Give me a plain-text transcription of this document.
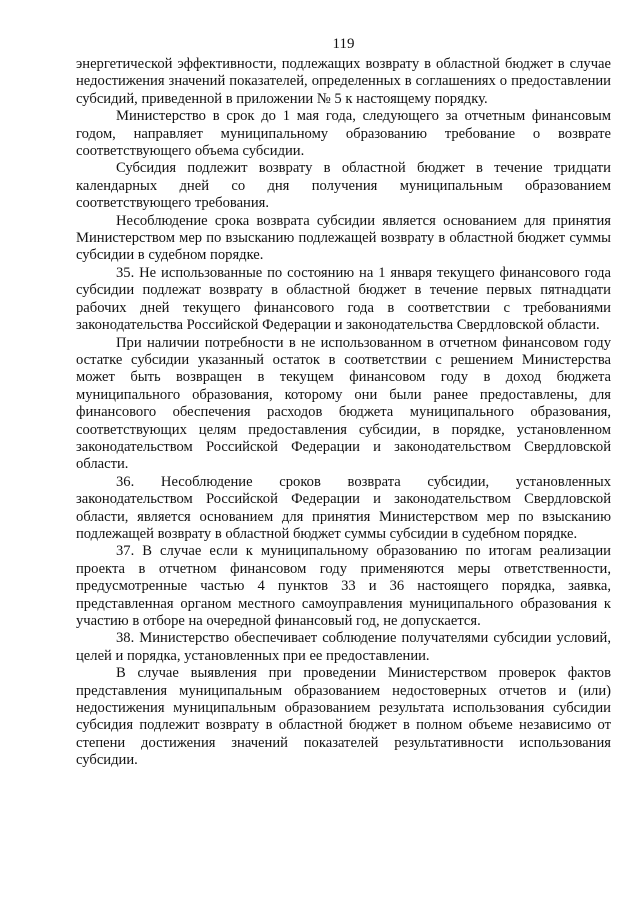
119

энергетической эффективности, подлежащих возврату в областной бюджет в случае недостижения значений показателей, определенных в соглашениях о предоставлении субсидий, приведенной в приложении № 5 к настоящему порядку.

Министерство в срок до 1 мая года, следующего за отчетным финансовым годом, направляет муниципальному образованию требование о возврате соответствующего объема субсидии.

Субсидия подлежит возврату в областной бюджет в течение тридцати календарных дней со дня получения муниципальным образованием соответствующего требования.

Несоблюдение срока возврата субсидии является основанием для принятия Министерством мер по взысканию подлежащей возврату в областной бюджет суммы субсидии в судебном порядке.

35. Не использованные по состоянию на 1 января текущего финансового года субсидии подлежат возврату в областной бюджет в течение первых пятнадцати рабочих дней текущего финансового года в соответствии с требованиями законодательства Российской Федерации и законодательства Свердловской области.

При наличии потребности в не использованном в отчетном финансовом году остатке субсидии указанный остаток в соответствии с решением Министерства может быть возвращен в текущем финансовом году в доход бюджета муниципального образования, которому они были ранее предоставлены, для финансового обеспечения расходов бюджета муниципального образования, соответствующих целям предоставления субсидии, в порядке, установленном законодательством Российской Федерации и законодательством Свердловской области.

36. Несоблюдение сроков возврата субсидии, установленных законодательством Российской Федерации и законодательством Свердловской области, является основанием для принятия Министерством мер по взысканию подлежащей возврату в областной бюджет суммы субсидии в судебном порядке.

37. В случае если к муниципальному образованию по итогам реализации проекта в отчетном финансовом году применяются меры ответственности, предусмотренные частью 4 пунктов 33 и 36 настоящего порядка, заявка, представленная органом местного самоуправления муниципального образования к участию в отборе на очередной финансовый год, не допускается.

38. Министерство обеспечивает соблюдение получателями субсидии условий, целей и порядка, установленных при ее предоставлении.

В случае выявления при проведении Министерством проверок фактов представления муниципальным образованием недостоверных отчетов и (или) недостижения муниципальным образованием результата использования субсидии субсидия подлежит возврату в областной бюджет в полном объеме независимо от степени достижения значений показателей результативности использования субсидии.
